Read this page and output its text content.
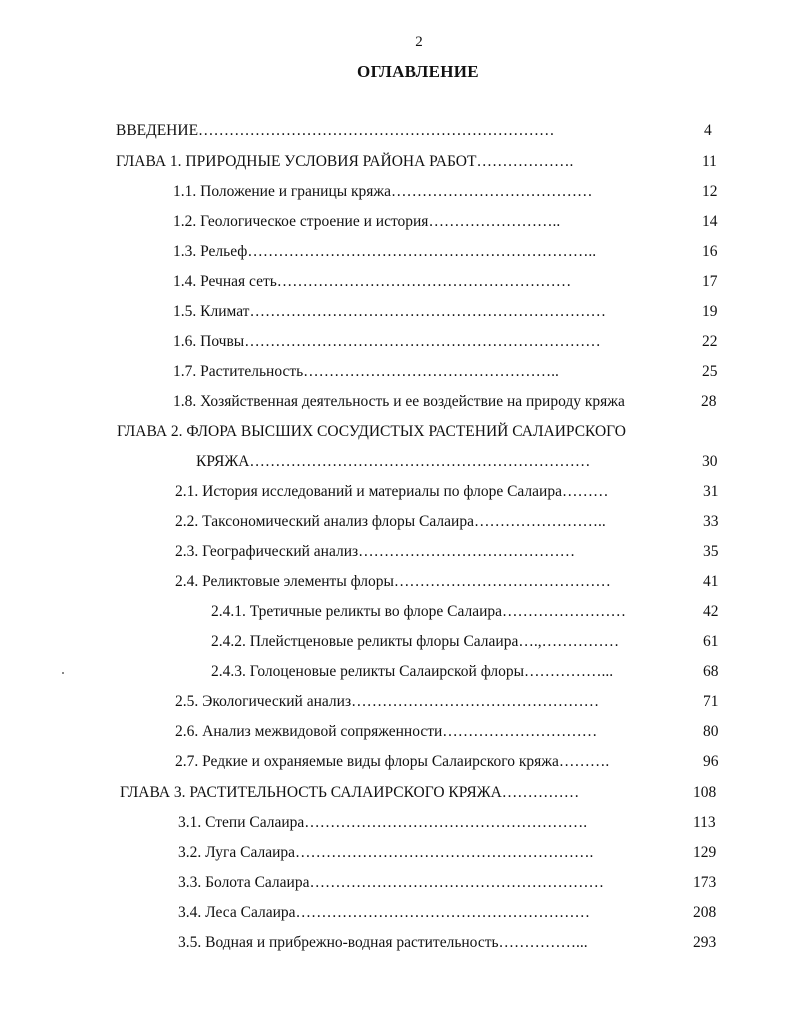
2
ОГЛАВЛЕНИЕ
ВВЕДЕНИЕ……………………………………………………………	4
ГЛАВА 1. ПРИРОДНЫЕ УСЛОВИЯ РАЙОНА РАБОТ……………….	11
1.1. Положение и границы кряжа…………………………………	12
1.2. Геологическое строение и история……………………..	14
1.3. Рельеф…………………………………………………………..	16
1.4. Речная сеть…………………………………………………	17
1.5. Климат……………………………………………………………	19
1.6. Почвы……………………………………………………………	22
1.7. Растительность…………………………………………..	25
1.8. Хозяйственная деятельность и ее воздействие на природу кряжа	28
ГЛАВА 2. ФЛОРА ВЫСШИХ СОСУДИСТЫХ РАСТЕНИЙ САЛАИРСКОГО
КРЯЖА…………………………………………………………	30
2.1. История исследований и материалы по флоре Салаира………	31
2.2. Таксономический анализ флоры Салаира……………………..	33
2.3. Географический анализ……………………………………	35
2.4. Реликтовые элементы флоры……………………………………	41
2.4.1. Третичные реликты во флоре Салаира……………………	42
2.4.2. Плейстценовые реликты флоры Салаира….,……………	61
2.4.3. Голоценовые реликты Салаирской флоры……………...	68
2.5. Экологический анализ…………………………………………	71
2.6. Анализ межвидовой сопряженности…………………………	80
2.7. Редкие и охраняемые виды флоры Салаирского кряжа……….	96
ГЛАВА 3. РАСТИТЕЛЬНОСТЬ САЛАИРСКОГО КРЯЖА……………	108
3.1. Степи Салаира……………………………………………….	113
3.2. Луга Салаира………………………………………………….	129
3.3. Болота Салаира…………………………………………………	173
3.4. Леса Салаира…………………………………………………	208
3.5. Водная и прибрежно-водная растительность……………...	293
